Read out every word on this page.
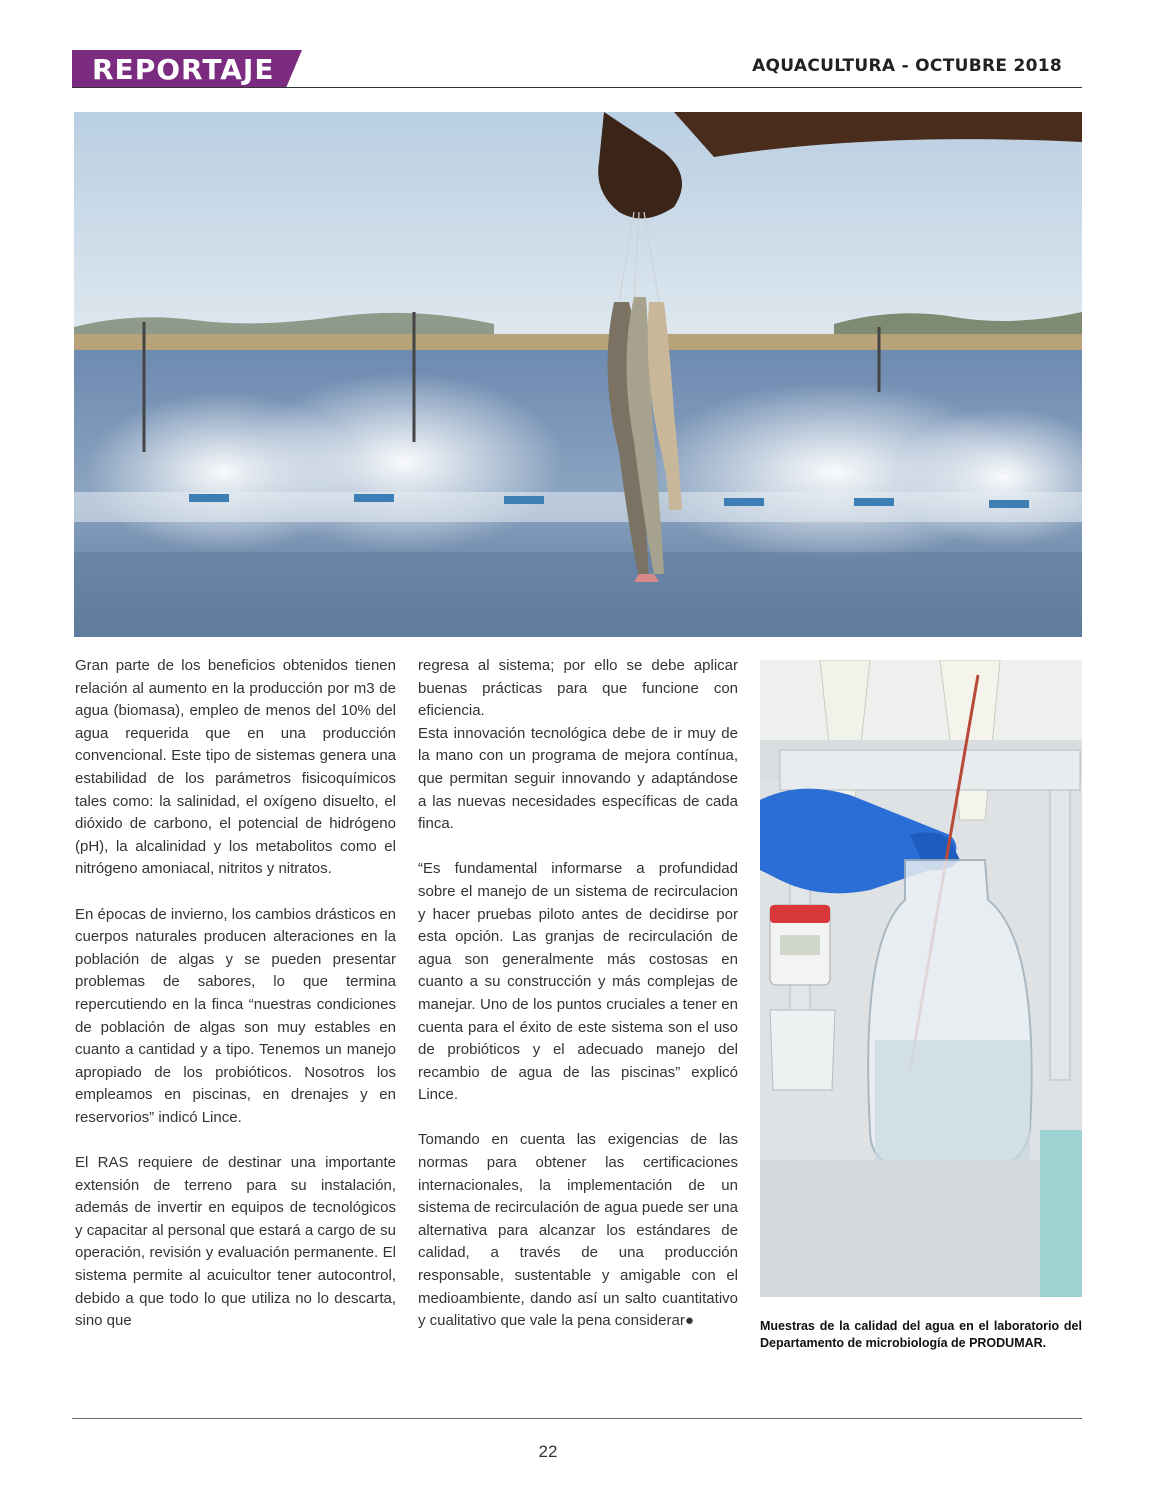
REPORTAJE	AQUACULTURA - OCTUBRE 2018

Gran parte de los beneficios obtenidos tienen relación al aumento en la producción por m3 de agua (biomasa), empleo de menos del 10% del agua requerida que en una producción convencional. Este tipo de sistemas genera una estabilidad de los parámetros fisicoquímicos tales como: la salinidad, el oxígeno disuelto, el dióxido de carbono, el potencial de hidrógeno (pH), la alcalinidad y los metabolitos como el nitrógeno amoniacal, nitritos y nitratos.

En épocas de invierno, los cambios drásticos en cuerpos naturales producen alteraciones en la población de algas y se pueden presentar problemas de sabores, lo que termina repercutiendo en la finca “nuestras condiciones de población de algas son muy estables en cuanto a cantidad y a tipo. Tenemos un manejo apropiado de los probióticos. Nosotros los empleamos en piscinas, en drenajes y en reservorios” indicó Lince.

El RAS requiere de destinar una importante extensión de terreno para su instalación, además de invertir en equipos de tecnológicos y capacitar al personal que estará a cargo de su operación, revisión y evaluación permanente. El sistema permite al acuicultor tener autocontrol, debido a que todo lo que utiliza no lo descarta, sino que

regresa al sistema; por ello se debe aplicar buenas prácticas para que funcione con eficiencia.

Esta innovación tecnológica debe de ir muy de la mano con un programa de mejora contínua, que permitan seguir innovando y adaptándose a las nuevas necesidades específicas de cada finca.

“Es fundamental informarse a profundidad sobre el manejo de un sistema de recirculacion y hacer pruebas piloto antes de decidirse por esta opción. Las granjas de recirculación de agua son generalmente más costosas en cuanto a su construcción y más complejas de manejar. Uno de los puntos cruciales a tener en cuenta para el éxito de este sistema son el uso de probióticos y el adecuado manejo del recambio de agua de las piscinas” explicó Lince.

Tomando en cuenta las exigencias de las normas para obtener las certificaciones internacionales, la implementación de un sistema de recirculación de agua puede ser una alternativa para alcanzar los estándares de calidad, a través de una producción responsable, sustentable y amigable con el medioambiente, dando así un salto cuantitativo y cualitativo que vale la pena considerar●	Muestras de la calidad del agua en el laboratorio del Departamento de microbiología de PRODUMAR.
22
